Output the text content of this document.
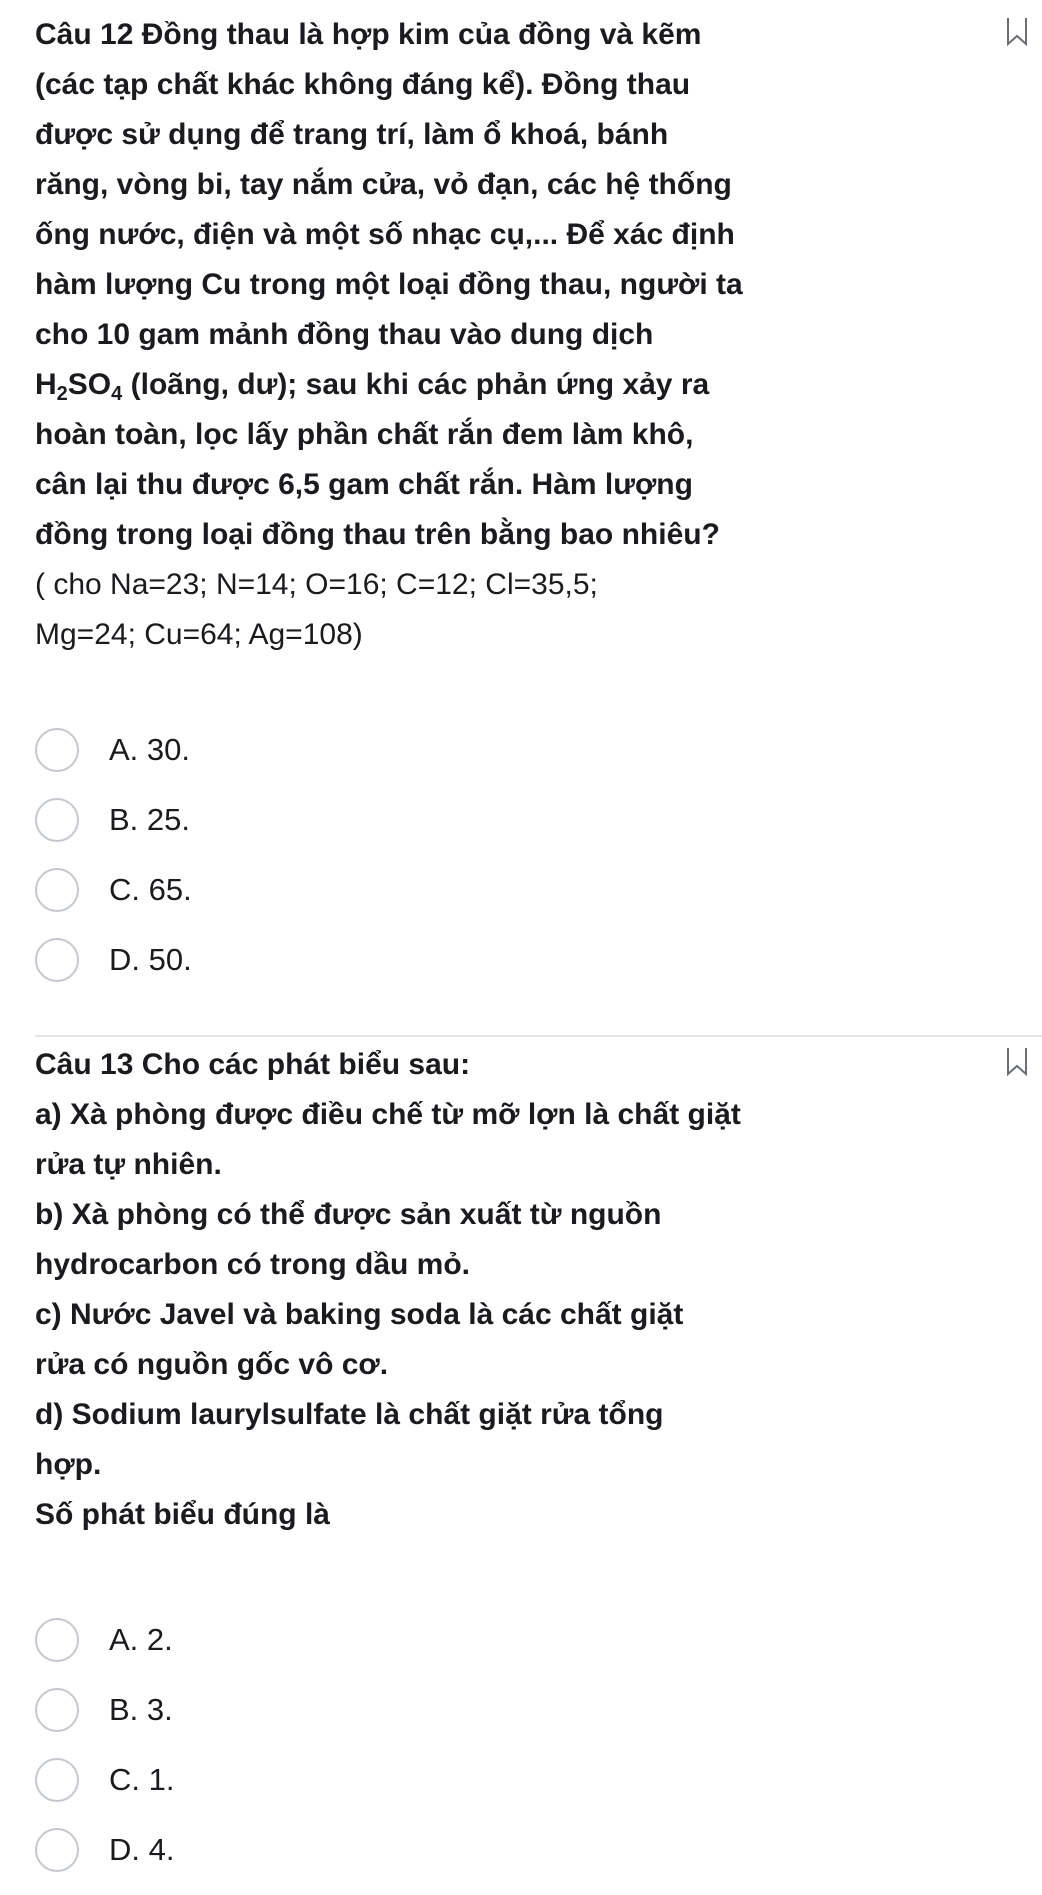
Câu 12 Đồng thau là hợp kim của đồng và kẽm

(các tạp chất khác không đáng kể). Đồng thau

được sử dụng để trang trí, làm ổ khoá, bánh

răng, vòng bi, tay nắm cửa, vỏ đạn, các hệ thống

ống nước, điện và một số nhạc cụ,... Để xác định

hàm lượng Cu trong một loại đồng thau, người ta

cho 10 gam mảnh đồng thau vào dung dịch

$H_2SO_4$ (loãng, dư); sau khi các phản ứng xảy ra

hoàn toàn, lọc lấy phần chất rắn đem làm khô,

cân lại thu được 6,5 gam chất rắn. Hàm lượng

đồng trong loại đồng thau trên bằng bao nhiêu?

( cho Na=23; N=14; O=16; C=12; Cl=35,5;

Mg=24; Cu=64; Ag=108)

A. 30.
B. 25.
C. 65.
D. 50.

Câu 13 Cho các phát biểu sau:

a) Xà phòng được điều chế từ mỡ lợn là chất giặt

rửa tự nhiên.

b) Xà phòng có thể được sản xuất từ nguồn

hydrocarbon có trong dầu mỏ.

c) Nước Javel và baking soda là các chất giặt

rửa có nguồn gốc vô cơ.

d) Sodium laurylsulfate là chất giặt rửa tổng

hợp.

Số phát biểu đúng là

A. 2.
B. 3.
C. 1.
D. 4.
